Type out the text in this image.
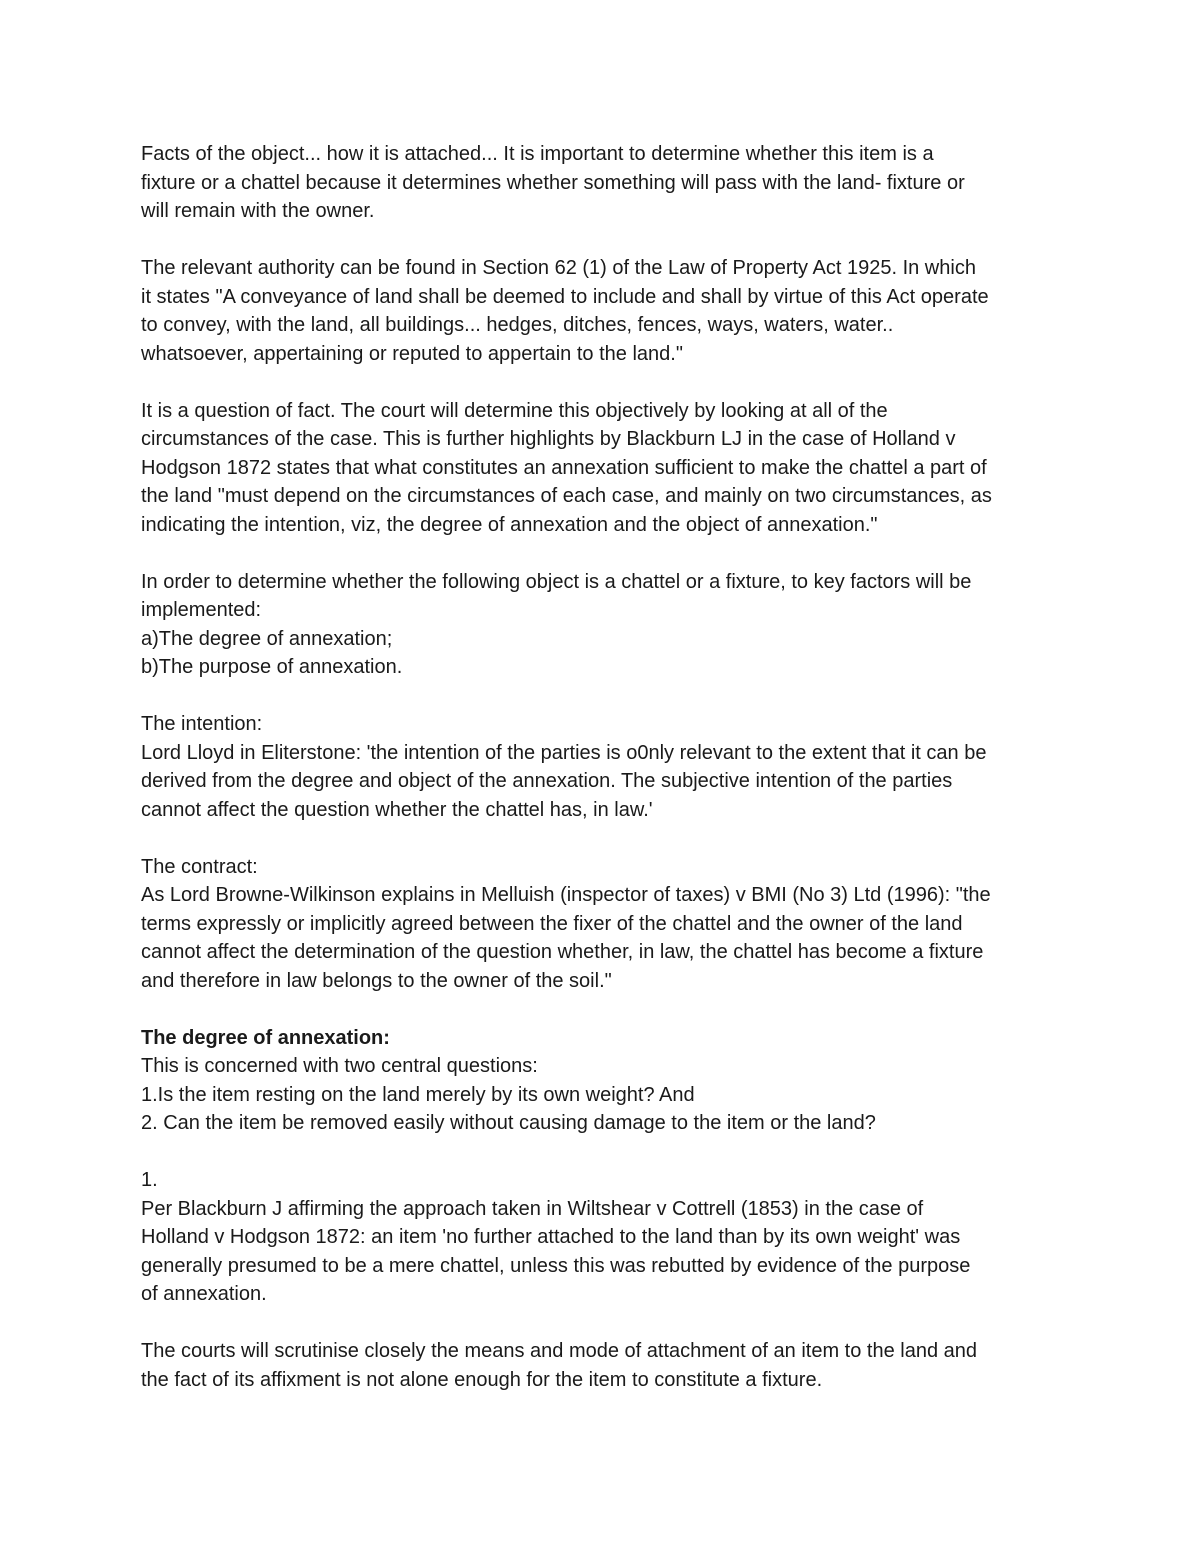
Facts of the object... how it is attached... It is important to determine whether this item is a
fixture or a chattel because it determines whether something will pass with the land- fixture or
will remain with the owner.
The relevant authority can be found in Section 62 (1) of the Law of Property Act 1925. In which
it states "A conveyance of land shall be deemed to include and shall by virtue of this Act operate
to convey, with the land, all buildings... hedges, ditches, fences, ways, waters, water..
whatsoever, appertaining or reputed to appertain to the land."
It is a question of fact. The court will determine this objectively by looking at all of the
circumstances of the case. This is further highlights by Blackburn LJ in the case of Holland v
Hodgson 1872 states that what constitutes an annexation sufficient to make the chattel a part of
the land "must depend on the circumstances of each case, and mainly on two circumstances, as
indicating the intention, viz, the degree of annexation and the object of annexation."
In order to determine whether the following object is a chattel or a fixture, to key factors will be
implemented:
a)The degree of annexation;
b)The purpose of annexation.
The intention:
Lord Lloyd in Eliterstone: 'the intention of the parties is o0nly relevant to the extent that it can be
derived from the degree and object of the annexation. The subjective intention of the parties
cannot affect the question whether the chattel has, in law.'
The contract:
As Lord Browne-Wilkinson explains in Melluish (inspector of taxes) v BMI (No 3) Ltd (1996): "the
terms expressly or implicitly agreed between the fixer of the chattel and the owner of the land
cannot affect the determination of the question whether, in law, the chattel has become a fixture
and therefore in law belongs to the owner of the soil."
The degree of annexation:
This is concerned with two central questions:
1.Is the item resting on the land merely by its own weight? And
2. Can the item be removed easily without causing damage to the item or the land?
1.
Per Blackburn J affirming the approach taken in Wiltshear v Cottrell (1853) in the case of
Holland v Hodgson 1872: an item 'no further attached to the land than by its own weight' was
generally presumed to be a mere chattel, unless this was rebutted by evidence of the purpose
of annexation.
The courts will scrutinise closely the means and mode of attachment of an item to the land and
the fact of its affixment is not alone enough for the item to constitute a fixture.
